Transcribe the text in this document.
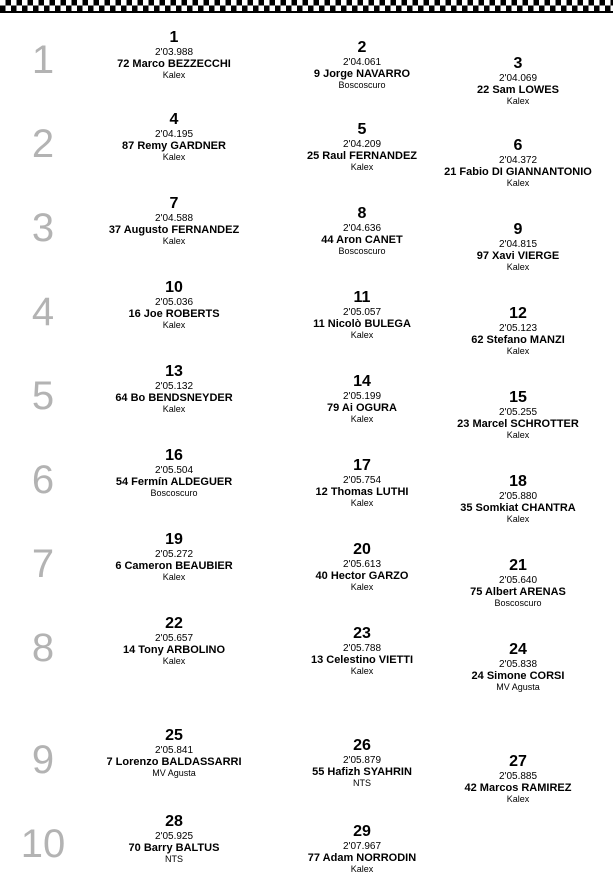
1
2
3
4
5
6
7
8
9
10
1
2'03.988
72 Marco BEZZECCHI
Kalex
2
2'04.061
9 Jorge NAVARRO
Boscoscuro
3
2'04.069
22 Sam LOWES
Kalex
4
2'04.195
87 Remy GARDNER
Kalex
5
2'04.209
25 Raul FERNANDEZ
Kalex
6
2'04.372
21 Fabio DI GIANNANTONIO
Kalex
7
2'04.588
37 Augusto FERNANDEZ
Kalex
8
2'04.636
44 Aron CANET
Boscoscuro
9
2'04.815
97 Xavi VIERGE
Kalex
10
2'05.036
16 Joe ROBERTS
Kalex
11
2'05.057
11 Nicolò BULEGA
Kalex
12
2'05.123
62 Stefano MANZI
Kalex
13
2'05.132
64 Bo BENDSNEYDER
Kalex
14
2'05.199
79 Ai OGURA
Kalex
15
2'05.255
23 Marcel SCHROTTER
Kalex
16
2'05.504
54 Fermín ALDEGUER
Boscoscuro
17
2'05.754
12 Thomas LUTHI
Kalex
18
2'05.880
35 Somkiat CHANTRA
Kalex
19
2'05.272
6 Cameron BEAUBIER
Kalex
20
2'05.613
40 Hector GARZO
Kalex
21
2'05.640
75 Albert ARENAS
Boscoscuro
22
2'05.657
14 Tony ARBOLINO
Kalex
23
2'05.788
13 Celestino VIETTI
Kalex
24
2'05.838
24 Simone CORSI
MV Agusta
25
2'05.841
7 Lorenzo BALDASSARRI
MV Agusta
26
2'05.879
55 Hafizh SYAHRIN
NTS
27
2'05.885
42 Marcos RAMIREZ
Kalex
28
2'05.925
70 Barry BALTUS
NTS
29
2'07.967
77 Adam NORRODIN
Kalex
